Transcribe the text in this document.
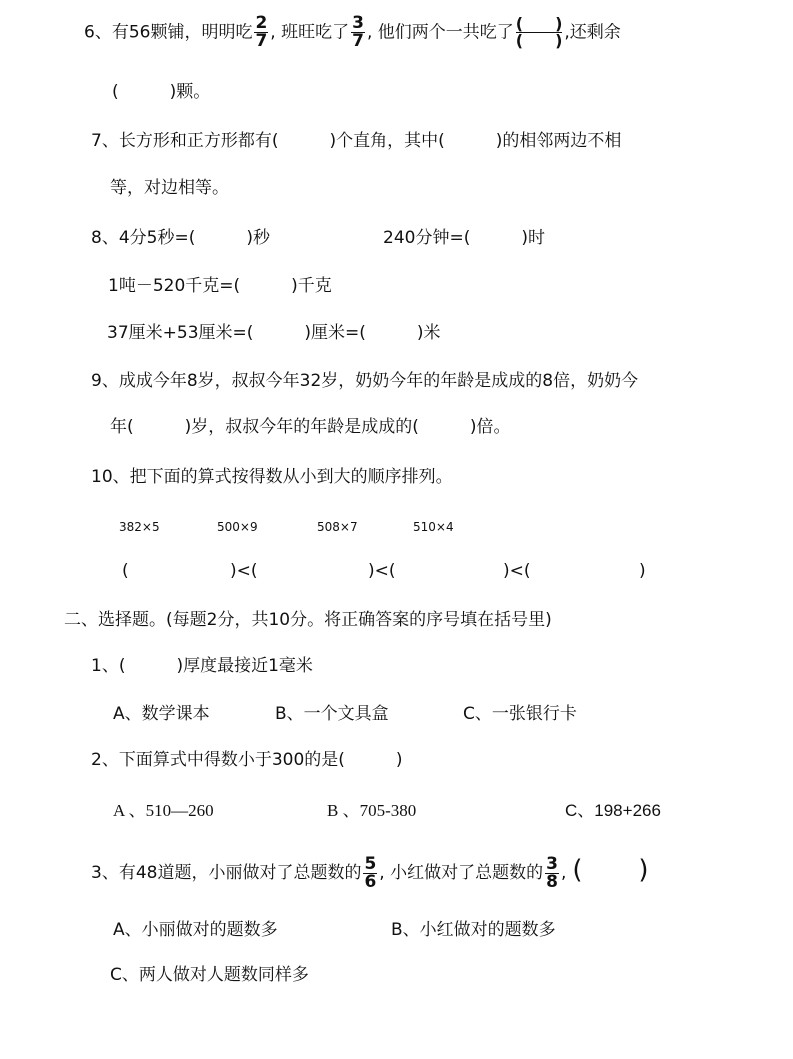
6、有56颗铺，明明吃 $\frac{2}{7}$ , 班旺吃了 $\frac{3}{7}$ , 他们两个一共吃了 (　　)
(　　) ,还剩余
(　　　)颗。
7、长方形和正方形都有(　　　)个直角，其中(　　　)的相邻两边不相
等，对边相等。
8、4分5秒=(　　　)秒	240分钟=(　　　)时
1吨－520千克=(　　　)千克
37厘米+53厘米=(　　　)厘米=(　　　)米
9、成成今年8岁，叔叔今年32岁，奶奶今年的年龄是成成的8倍，奶奶今
年(　　　)岁，叔叔今年的年龄是成成的(　　　)倍。
10、把下面的算式按得数从小到大的顺序排列。
382×5	500×9	508×7	510×4
(	)<(	)<(	)<(	)
二、选择题。(每题2分，共10分。将正确答案的序号填在括号里)
1、(　　　)厚度最接近1毫米
A、数学课本	B、一个文具盒	C、一张银行卡
2、下面算式中得数小于300的是(　　　)
A 、510—260	B 、705-380	C、198+266
3、有48道题，小丽做对了总题数的 $\frac{5}{6}$ , 小红做对了总题数的 $\frac{3}{8}$ , ( )
A、小丽做对的题数多	B、小红做对的题数多
C、两人做对人题数同样多
